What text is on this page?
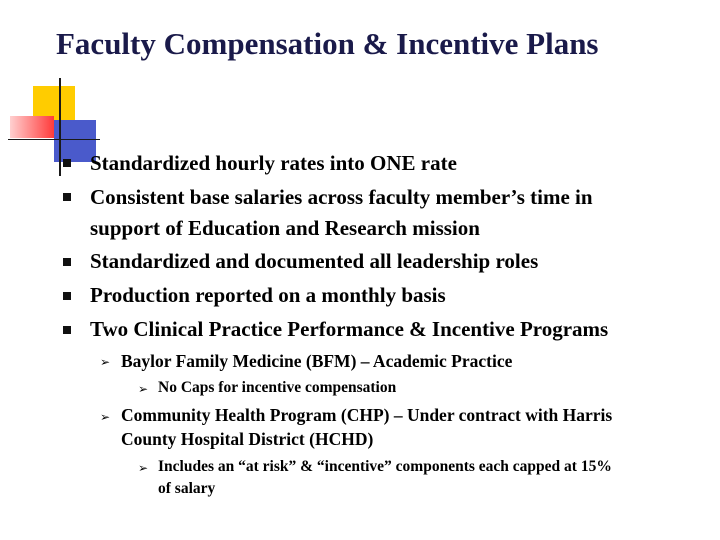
Faculty Compensation & Incentive Plans
Standardized hourly rates into ONE rate
Consistent base salaries across faculty member’s time in
support of Education and Research mission
Standardized and documented all leadership roles
Production reported on a monthly basis
Two Clinical Practice Performance & Incentive Programs
➢ Baylor Family Medicine (BFM) – Academic Practice
➢ No Caps for incentive compensation
➢ Community Health Program (CHP) – Under contract with Harris
County Hospital District (HCHD)
➢ Includes an “at risk” & “incentive” components each capped at 15%
of salary
